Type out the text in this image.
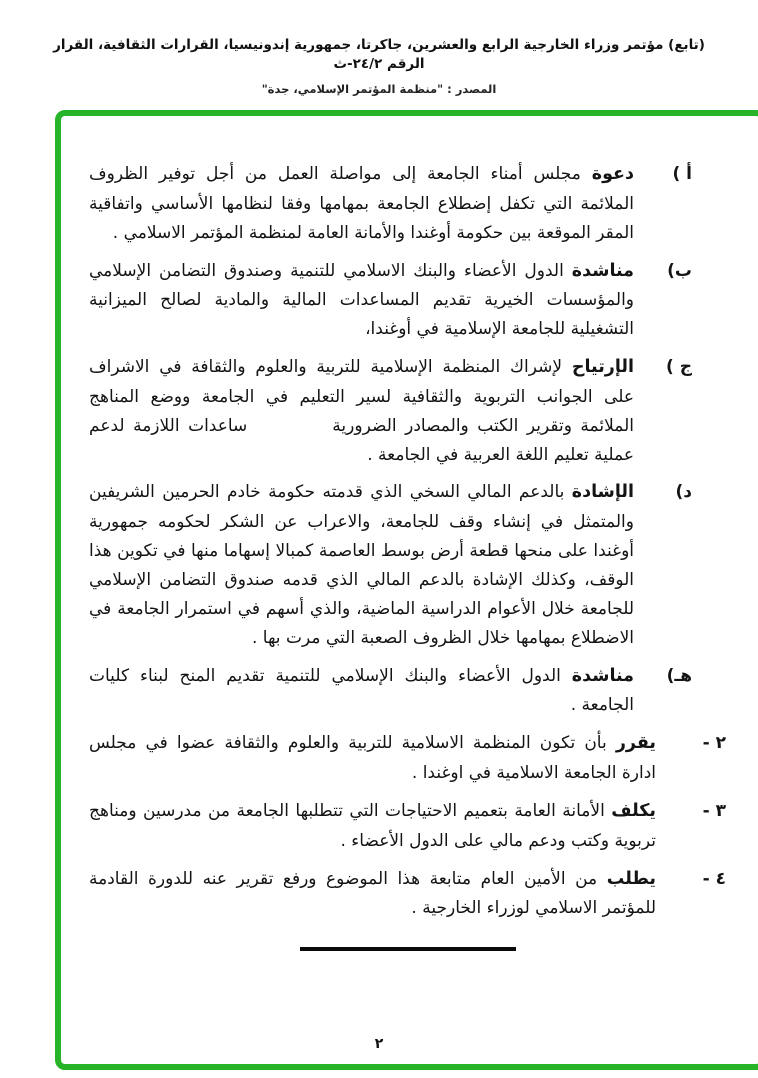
(تابع) مؤتمر وزراء الخارجية الرابع والعشرين، جاكرتا، جمهورية إندونيسيا، القرارات الثقافية، القرار الرقم ٢٤/٢-ث
المصدر : "منظمة المؤتمر الإسلامي، جدة"
أ )

دعوة مجلس أمناء الجامعة إلى مواصلة العمل من أجل توفير الظروف الملائمة التي تكفل إضطلاع الجامعة بمهامها وفقا لنظامها الأساسي واتفاقية المقر الموقعة بين حكومة أوغندا والأمانة العامة لمنظمة المؤتمر الاسلامي .

ب)

مناشدة الدول الأعضاء والبنك الاسلامي للتنمية وصندوق التضامن الإسلامي والمؤسسات الخيرية تقديم المساعدات المالية والمادية لصالح الميزانية التشغيلية للجامعة الإسلامية في أوغندا،

ج )

الإرتياح لإشراك المنظمة الإسلامية للتربية والعلوم والثقافة في الاشراف على الجوانب التربوية والثقافية لسير التعليم في الجامعة ووضع المناهج الملائمة وتقرير الكتب والمصادر الضرورية      ساعدات اللازمة لدعم عملية تعليم اللغة العربية في الجامعة .

د)

الإشادة بالدعم المالي السخي الذي قدمته حكومة خادم الحرمين الشريفين والمتمثل في إنشاء وقف للجامعة، والاعراب عن الشكر لحكومه جمهورية أوغندا على منحها قطعة أرض بوسط العاصمة كمبالا إسهاما منها في تكوين هذا الوقف، وكذلك الإشادة بالدعم المالي الذي قدمه صندوق التضامن الإسلامي للجامعة خلال الأعوام الدراسية الماضية، والذي أسهم في استمرار الجامعة في الاضطلاع بمهامها خلال الظروف الصعبة التي مرت بها .

هـ)

مناشدة الدول الأعضاء والبنك الإسلامي للتنمية تقديم المنح لبناء كليات الجامعة .

٢ -

يقرر بأن تكون المنظمة الاسلامية للتربية والعلوم والثقافة عضوا في مجلس ادارة الجامعة الاسلامية في اوغندا .

٣ -

يكلف الأمانة العامة بتعميم الاحتياجات التي تتطلبها الجامعة من مدرسين ومناهج تربوية وكتب ودعم مالي على الدول الأعضاء .

٤ -

يطلب من الأمين العام متابعة هذا الموضوع ورفع تقرير عنه للدورة القادمة للمؤتمر الاسلامي لوزراء الخارجية .

٢
